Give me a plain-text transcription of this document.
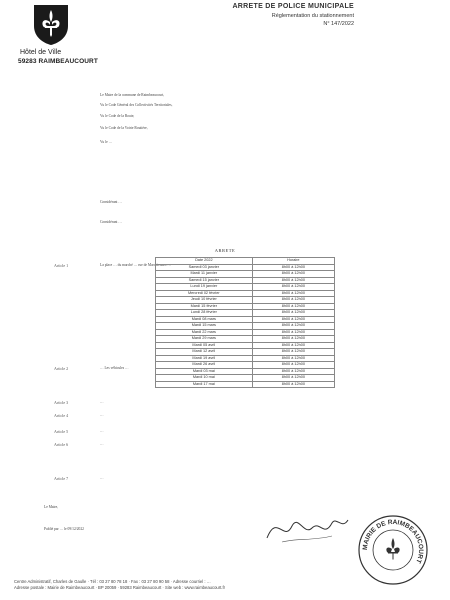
Hôtel de Ville
59283 RAIMBEAUCOURT
ARRETE DE POLICE MUNICIPALE
Réglementation du stationnement
N° 147/2022
Le Maire de la commune de Raimbeaucourt,
Vu le Code Général des Collectivités Territoriales,
Vu le Code de la Route,
Vu le Code de la Voirie Routière,
Vu le …
Considérant …
Considérant …
ARRETE
Article 1	La place … du marché … rue de Marchiennes …
Date 2022	Horaire
Samedi 03 janvier	8h00 à 12h00
Mardi 11 janvier	8h00 à 12h00
Samedi 15 janvier	8h00 à 12h00
Lundi 19 janvier	8h00 à 12h00
Mercredi 02 février	8h00 à 12h00
Jeudi 10 février	8h00 à 12h00
Mardi 15 février	8h00 à 12h00
Lundi 28 février	8h00 à 12h00
Mardi 08 mars	8h00 à 12h00
Mardi 15 mars	8h00 à 12h00
Mardi 22 mars	8h00 à 12h00
Mardi 29 mars	8h00 à 12h00
Mardi 05 avril	8h00 à 12h00
Mardi 12 avril	8h00 à 12h00
Mardi 19 avril	8h00 à 12h00
Mardi 26 avril	8h00 à 12h00
Mardi 03 mai	8h00 à 12h00
Mardi 10 mai	8h00 à 12h00
Mardi 17 mai	8h00 à 12h00
Article 2	… Les véhicules …
Article 3	…
Article 4	…
Article 5	…
Article 6	…
Article 7	…
Le Maire,
Publié par … le 09/12/2022
MAIRIE DE RAIMBEAUCOURT
Centre Administratif, Charles de Gaulle · Tél : 03 27 80 78 18 · Fax : 03 27 80 90 58 · Adresse courriel : …
Adresse postale : Mairie de Raimbeaucourt · BP 20059 · 59283 Raimbeaucourt · Site web : www.raimbeaucourt.fr
